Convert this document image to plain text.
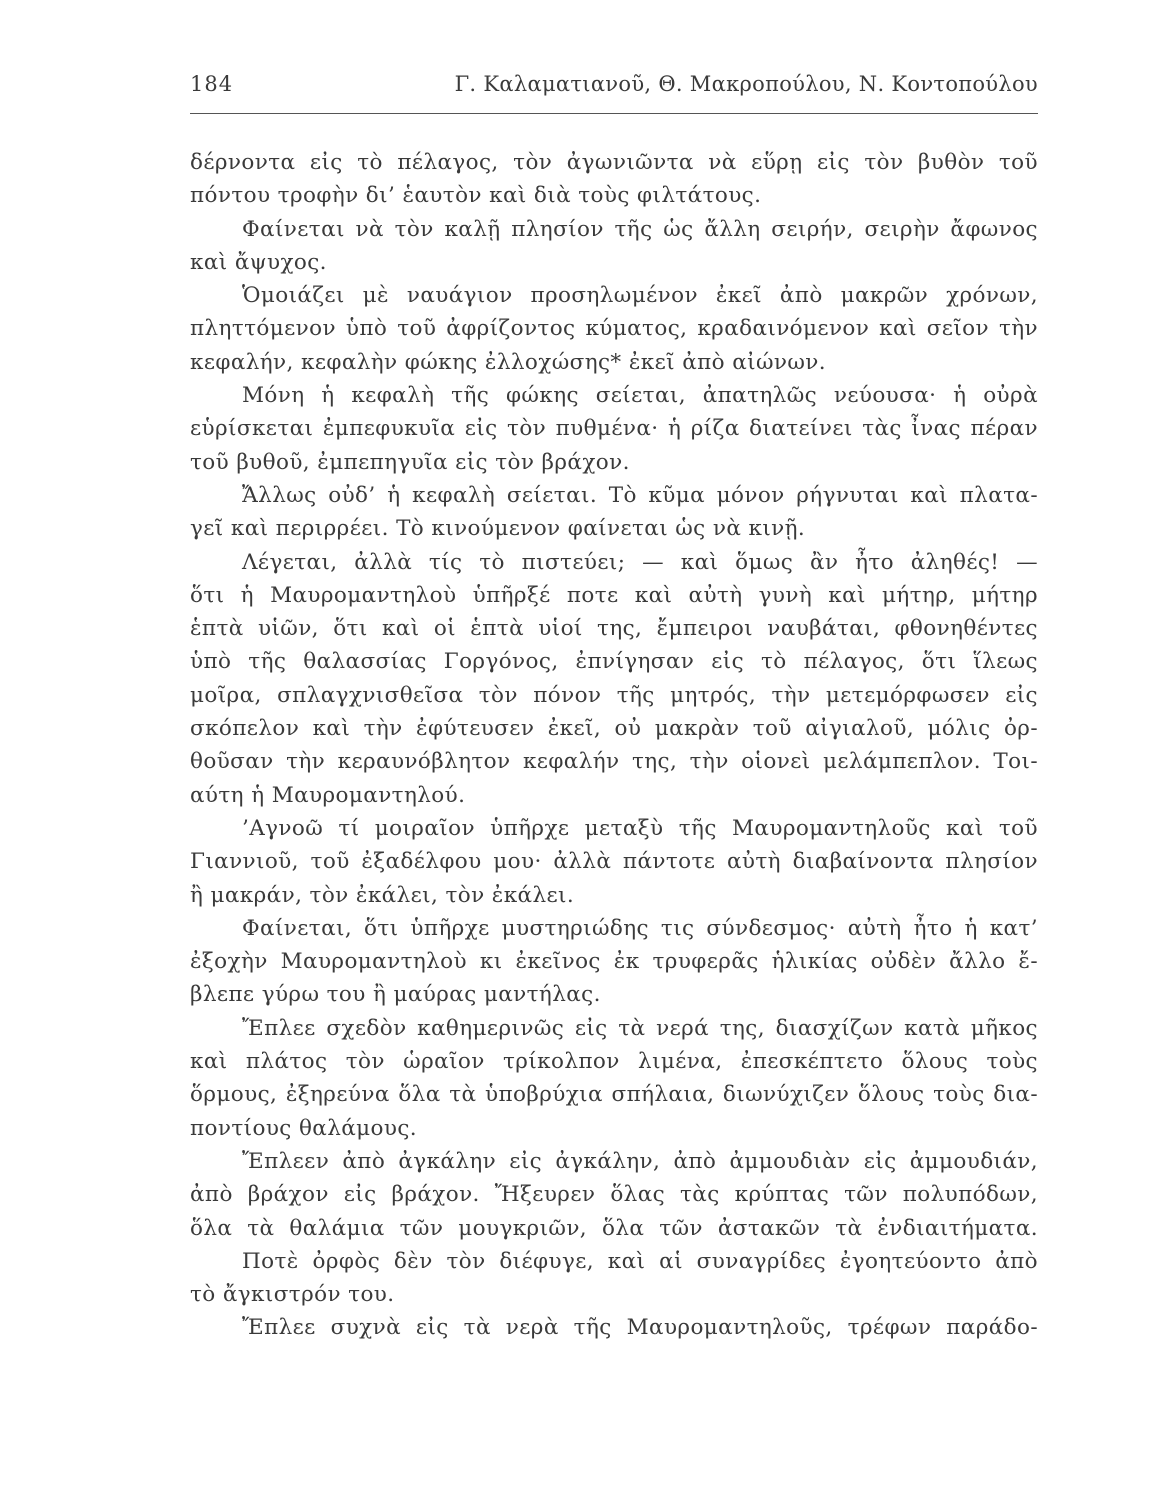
184	Γ. Καλαματιανοῦ, Θ. Μακροπούλου, Ν. Κοντοπούλου
δέρνοντα εἰς τὸ πέλαγος, τὸν ἀγωνιῶντα νὰ εὕρῃ εἰς τὸν βυθὸν τοῦ
πόντου τροφὴν δι’ ἑαυτὸν καὶ διὰ τοὺς φιλτάτους.
Φαίνεται νὰ τὸν καλῇ πλησίον τῆς ὡς ἄλλη σειρήν, σειρὴν ἄφωνος
καὶ ἄψυχος.
Ὁμοιάζει μὲ ναυάγιον προσηλωμένον ἐκεῖ ἀπὸ μακρῶν χρόνων,
πληττόμενον ὑπὸ τοῦ ἀφρίζοντος κύματος, κραδαινόμενον καὶ σεῖον τὴν
κεφαλήν, κεφαλὴν φώκης ἐλλοχώσης* ἐκεῖ ἀπὸ αἰώνων.
Μόνη ἡ κεφαλὴ τῆς φώκης σείεται, ἀπατηλῶς νεύουσα· ἡ οὐρὰ
εὑρίσκεται ἐμπεφυκυῖα εἰς τὸν πυθμένα· ἡ ρίζα διατείνει τὰς ἶνας πέραν
τοῦ βυθοῦ, ἐμπεπηγυῖα εἰς τὸν βράχον.
Ἄλλως οὐδ’ ἡ κεφαλὴ σείεται. Τὸ κῦμα μόνον ρήγνυται καὶ πλατα-
γεῖ καὶ περιρρέει. Τὸ κινούμενον φαίνεται ὡς νὰ κινῇ.
Λέγεται, ἀλλὰ τίς τὸ πιστεύει; — καὶ ὅμως ἂν ἦτο ἀληθές! —
ὅτι ἡ Μαυρομαντηλοὺ ὑπῆρξέ ποτε καὶ αὐτὴ γυνὴ καὶ μήτηρ, μήτηρ
ἑπτὰ υἱῶν, ὅτι καὶ οἱ ἑπτὰ υἱοί της, ἔμπειροι ναυβάται, φθονηθέντες
ὑπὸ τῆς θαλασσίας Γοργόνος, ἐπνίγησαν εἰς τὸ πέλαγος, ὅτι ἵλεως
μοῖρα, σπλαγχνισθεῖσα τὸν πόνον τῆς μητρός, τὴν μετεμόρφωσεν εἰς
σκόπελον καὶ τὴν ἐφύτευσεν ἐκεῖ, οὐ μακρὰν τοῦ αἰγιαλοῦ, μόλις ὀρ-
θοῦσαν τὴν κεραυνόβλητον κεφαλήν της, τὴν οἱονεὶ μελάμπεπλον. Τοι-
αύτη ἡ Μαυρομαντηλού.
’Αγνοῶ τί μοιραῖον ὑπῆρχε μεταξὺ τῆς Μαυρομαντηλοῦς καὶ τοῦ
Γιαννιοῦ, τοῦ ἐξαδέλφου μου· ἀλλὰ πάντοτε αὐτὴ διαβαίνοντα πλησίον
ἢ μακράν, τὸν ἐκάλει, τὸν ἐκάλει.
Φαίνεται, ὅτι ὑπῆρχε μυστηριώδης τις σύνδεσμος· αὐτὴ ἦτο ἡ κατ’
ἐξοχὴν Μαυρομαντηλοὺ κι ἐκεῖνος ἐκ τρυφερᾶς ἡλικίας οὐδὲν ἄλλο ἔ-
βλεπε γύρω του ἢ μαύρας μαντήλας.
Ἔπλεε σχεδὸν καθημερινῶς εἰς τὰ νερά της, διασχίζων κατὰ μῆκος
καὶ πλάτος τὸν ὡραῖον τρίκολπον λιμένα, ἐπεσκέπτετο ὅλους τοὺς
ὅρμους, ἐξηρεύνα ὅλα τὰ ὑποβρύχια σπήλαια, διωνύχιζεν ὅλους τοὺς δια-
ποντίους θαλάμους.
Ἔπλεεν ἀπὸ ἀγκάλην εἰς ἀγκάλην, ἀπὸ ἀμμουδιὰν εἰς ἀμμουδιάν,
ἀπὸ βράχον εἰς βράχον. Ἤξευρεν ὅλας τὰς κρύπτας τῶν πολυπόδων,
ὅλα τὰ θαλάμια τῶν μουγκριῶν, ὅλα τῶν ἀστακῶν τὰ ἐνδιαιτήματα.
Ποτὲ ὀρφὸς δὲν τὸν διέφυγε, καὶ αἱ συναγρίδες ἐγοητεύοντο ἀπὸ
τὸ ἄγκιστρόν του.
Ἔπλεε συχνὰ εἰς τὰ νερὰ τῆς Μαυρομαντηλοῦς, τρέφων παράδο-
